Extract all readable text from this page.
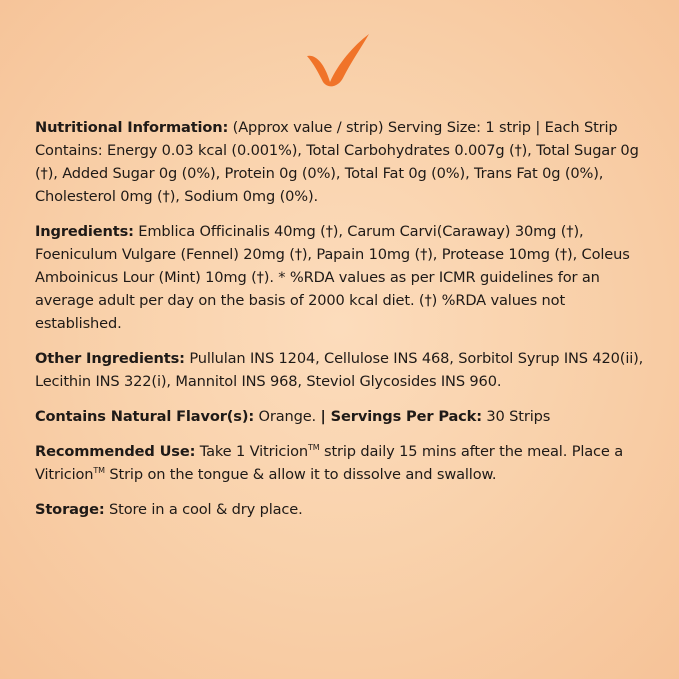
Nutritional Information: (Approx value / strip) Serving Size: 1 strip | Each Strip Contains: Energy 0.03 kcal (0.001%), Total Carbohydrates 0.007g (†), Total Sugar 0g (†), Added Sugar 0g (0%), Protein 0g (0%), Total Fat 0g (0%), Trans Fat 0g (0%), Cholesterol 0mg (†), Sodium 0mg (0%).

Ingredients: Emblica Officinalis 40mg (†), Carum Carvi(Caraway) 30mg (†), Foeniculum Vulgare (Fennel) 20mg (†), Papain 10mg (†), Protease 10mg (†), Coleus Amboinicus Lour (Mint) 10mg (†). * %RDA values as per ICMR guidelines for an average adult per day on the basis of 2000 kcal diet. (†) %RDA values not established.

Other Ingredients: Pullulan INS 1204, Cellulose INS 468, Sorbitol Syrup INS 420(ii), Lecithin INS 322(i), Mannitol INS 968, Steviol Glycosides INS 960.

Contains Natural Flavor(s): Orange. | Servings Per Pack: 30 Strips

Recommended Use: Take 1 Vitricion™ strip daily 15 mins after the meal. Place a Vitricion™ Strip on the tongue & allow it to dissolve and swallow.

Storage: Store in a cool & dry place.
